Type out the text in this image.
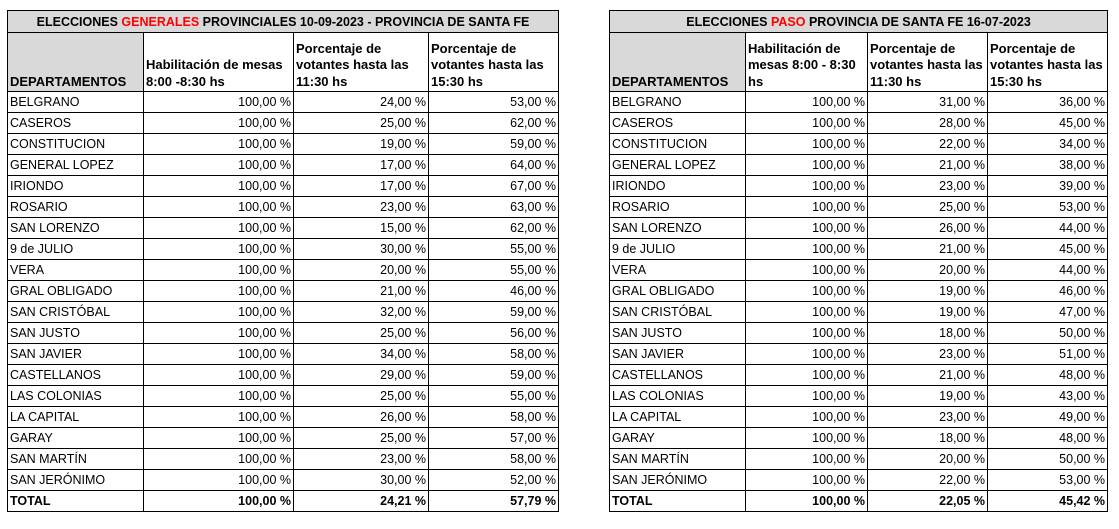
ELECCIONES GENERALES PROVINCIALES 10-09-2023 - PROVINCIA DE SANTA FE			
DEPARTAMENTOS	Habilitación de mesas 8:00 -8:30 hs	Porcentaje de votantes hasta las 11:30 hs	Porcentaje de votantes hasta las 15:30 hs
BELGRANO	100,00 %	24,00 %	53,00 %
CASEROS	100,00 %	25,00 %	62,00 %
CONSTITUCION	100,00 %	19,00 %	59,00 %
GENERAL LOPEZ	100,00 %	17,00 %	64,00 %
IRIONDO	100,00 %	17,00 %	67,00 %
ROSARIO	100,00 %	23,00 %	63,00 %
SAN LORENZO	100,00 %	15,00 %	62,00 %
9 de JULIO	100,00 %	30,00 %	55,00 %
VERA	100,00 %	20,00 %	55,00 %
GRAL OBLIGADO	100,00 %	21,00 %	46,00 %
SAN CRISTÓBAL	100,00 %	32,00 %	59,00 %
SAN JUSTO	100,00 %	25,00 %	56,00 %
SAN JAVIER	100,00 %	34,00 %	58,00 %
CASTELLANOS	100,00 %	29,00 %	59,00 %
LAS COLONIAS	100,00 %	25,00 %	55,00 %
LA CAPITAL	100,00 %	26,00 %	58,00 %
GARAY	100,00 %	25,00 %	57,00 %
SAN MARTÍN	100,00 %	23,00 %	58,00 %
SAN JERÓNIMO	100,00 %	30,00 %	52,00 %
TOTAL	100,00 %	24,21 %	57,79 %
ELECCIONES PASO PROVINCIA DE SANTA FE 16-07-2023			
DEPARTAMENTOS	Habilitación de mesas 8:00 - 8:30 hs	Porcentaje de votantes hasta las 11:30 hs	Porcentaje de votantes hasta las 15:30 hs
BELGRANO	100,00 %	31,00 %	36,00 %
CASEROS	100,00 %	28,00 %	45,00 %
CONSTITUCION	100,00 %	22,00 %	34,00 %
GENERAL LOPEZ	100,00 %	21,00 %	38,00 %
IRIONDO	100,00 %	23,00 %	39,00 %
ROSARIO	100,00 %	25,00 %	53,00 %
SAN LORENZO	100,00 %	26,00 %	44,00 %
9 de JULIO	100,00 %	21,00 %	45,00 %
VERA	100,00 %	20,00 %	44,00 %
GRAL OBLIGADO	100,00 %	19,00 %	46,00 %
SAN CRISTÓBAL	100,00 %	19,00 %	47,00 %
SAN JUSTO	100,00 %	18,00 %	50,00 %
SAN JAVIER	100,00 %	23,00 %	51,00 %
CASTELLANOS	100,00 %	21,00 %	48,00 %
LAS COLONIAS	100,00 %	19,00 %	43,00 %
LA CAPITAL	100,00 %	23,00 %	49,00 %
GARAY	100,00 %	18,00 %	48,00 %
SAN MARTÍN	100,00 %	20,00 %	50,00 %
SAN JERÓNIMO	100,00 %	22,00 %	53,00 %
TOTAL	100,00 %	22,05 %	45,42 %
